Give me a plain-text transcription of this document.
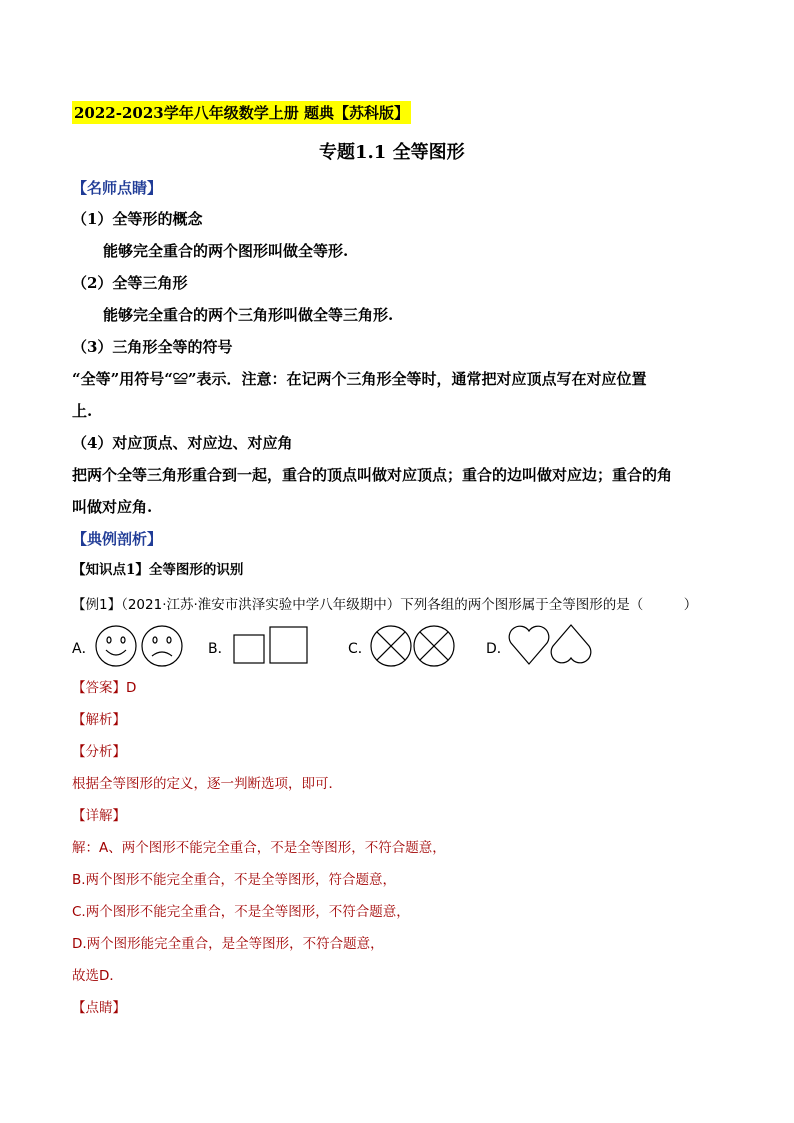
2022-2023学年八年级数学上册 题典【苏科版】
专题1.1 全等图形
【名师点睛】
（1）全等形的概念
能够完全重合的两个图形叫做全等形.
（2）全等三角形
能够完全重合的两个三角形叫做全等三角形.
（3）三角形全等的符号
“全等”用符号“≌”表示．注意：在记两个三角形全等时，通常把对应顶点写在对应位置
上.
（4）对应顶点、对应边、对应角
把两个全等三角形重合到一起，重合的顶点叫做对应顶点；重合的边叫做对应边；重合的角
叫做对应角.
【典例剖析】
【知识点1】全等图形的识别
【例1】（2021·江苏·淮安市洪泽实验中学八年级期中）下列各组的两个图形属于全等图形的是（　　　）
A．	B．	C．	D．
【答案】D
【解析】
【分析】
根据全等图形的定义，逐一判断选项，即可．
【详解】
解：A、两个图形不能完全重合，不是全等图形，不符合题意，
B.两个图形不能完全重合，不是全等图形，符合题意，
C.两个图形不能完全重合，不是全等图形，不符合题意，
D.两个图形能完全重合，是全等图形，不符合题意，
故选D．
【点睛】
